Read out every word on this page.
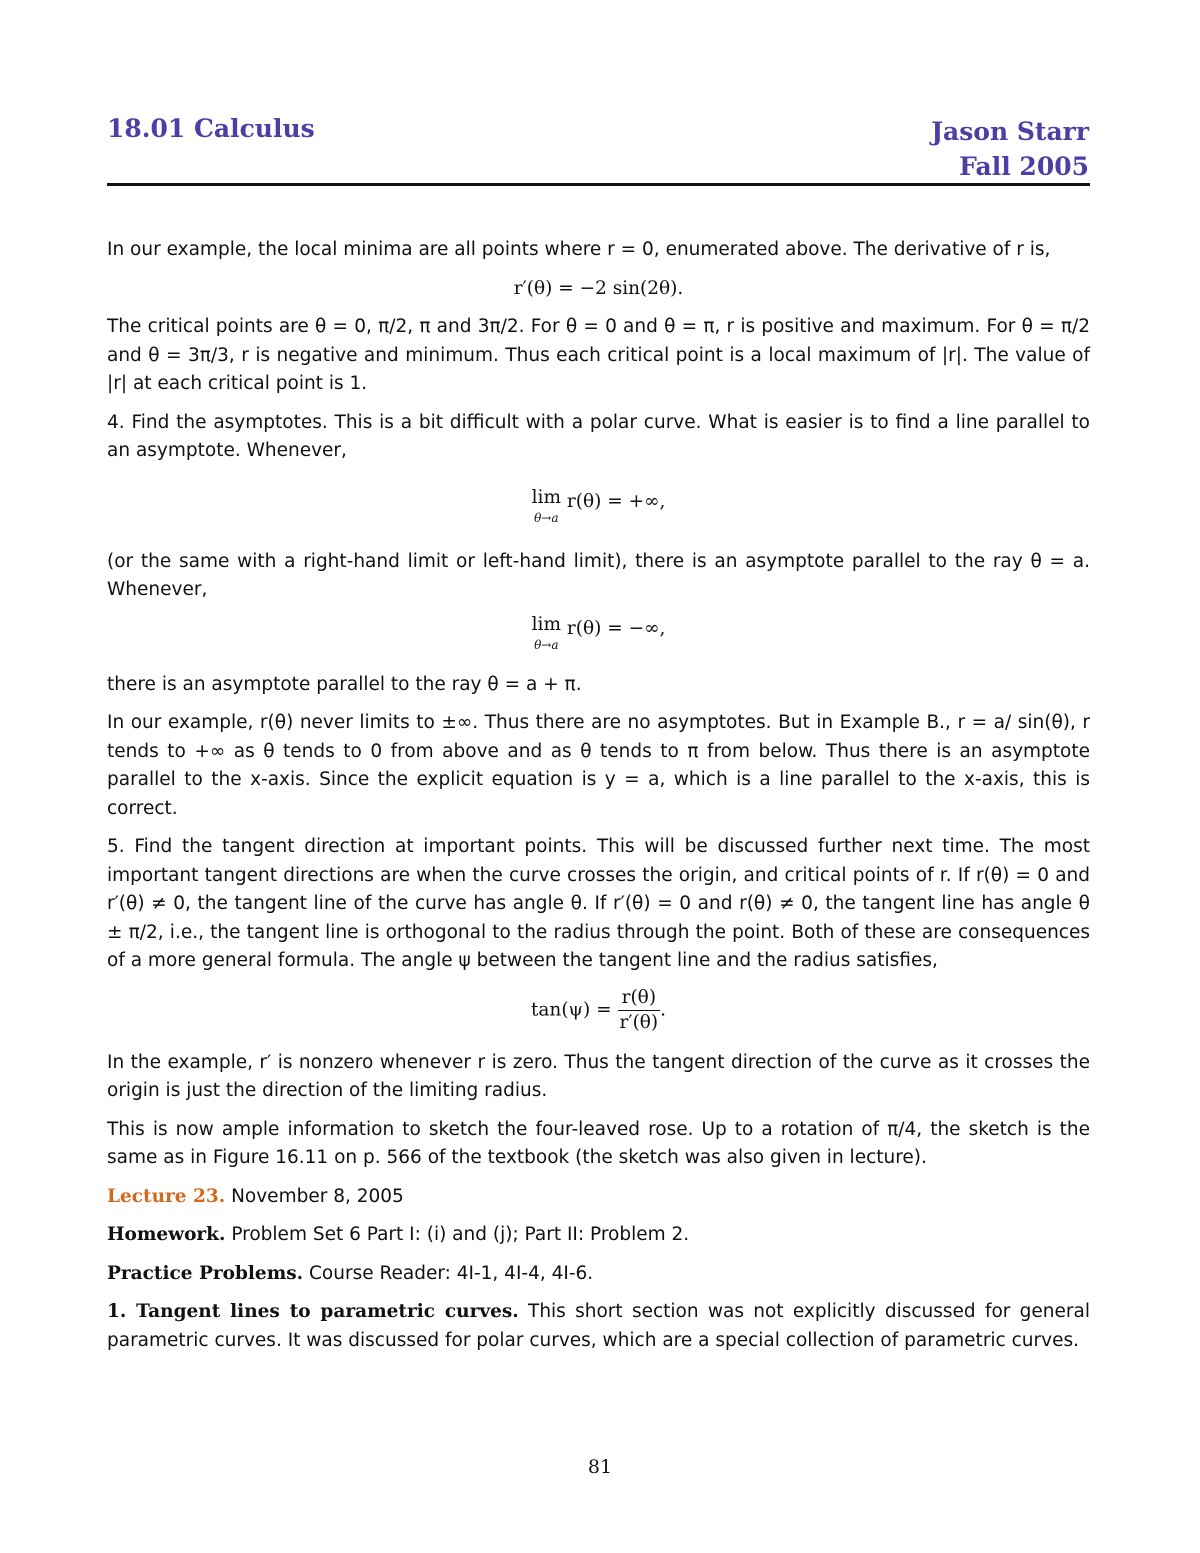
18.01 Calculus	Jason Starr
Fall 2005

In our example, the local minima are all points where r = 0, enumerated above. The derivative of r is,

r′(θ) = −2 sin(2θ).

The critical points are θ = 0, π/2, π and 3π/2. For θ = 0 and θ = π, r is positive and maximum. For θ = π/2 and θ = 3π/3, r is negative and minimum. Thus each critical point is a local maximum of |r|. The value of |r| at each critical point is 1.

4. Find the asymptotes. This is a bit difficult with a polar curve. What is easier is to find a line parallel to an asymptote. Whenever,

lim
θ→a
r(θ) = +∞,

(or the same with a right-hand limit or left-hand limit), there is an asymptote parallel to the ray θ = a. Whenever,

lim
θ→a
r(θ) = −∞,

there is an asymptote parallel to the ray θ = a + π.

In our example, r(θ) never limits to ±∞. Thus there are no asymptotes. But in Example B., r = a/ sin(θ), r tends to +∞ as θ tends to 0 from above and as θ tends to π from below. Thus there is an asymptote parallel to the x-axis. Since the explicit equation is y = a, which is a line parallel to the x-axis, this is correct.

5. Find the tangent direction at important points. This will be discussed further next time. The most important tangent directions are when the curve crosses the origin, and critical points of r. If r(θ) = 0 and r′(θ) ≠ 0, the tangent line of the curve has angle θ. If r′(θ) = 0 and r(θ) ≠ 0, the tangent line has angle θ ± π/2, i.e., the tangent line is orthogonal to the radius through the point. Both of these are consequences of a more general formula. The angle ψ between the tangent line and the radius satisfies,

$\tan(\psi) = \frac{r(\theta)}{r'(\theta)}$ .

In the example, r′ is nonzero whenever r is zero. Thus the tangent direction of the curve as it crosses the origin is just the direction of the limiting radius.

This is now ample information to sketch the four-leaved rose. Up to a rotation of π/4, the sketch is the same as in Figure 16.11 on p. 566 of the textbook (the sketch was also given in lecture).

Lecture 23. November 8, 2005

Homework. Problem Set 6 Part I: (i) and (j); Part II: Problem 2.

Practice Problems. Course Reader: 4I-1, 4I-4, 4I-6.

1. Tangent lines to parametric curves. This short section was not explicitly discussed for general parametric curves. It was discussed for polar curves, which are a special collection of parametric curves.

81
